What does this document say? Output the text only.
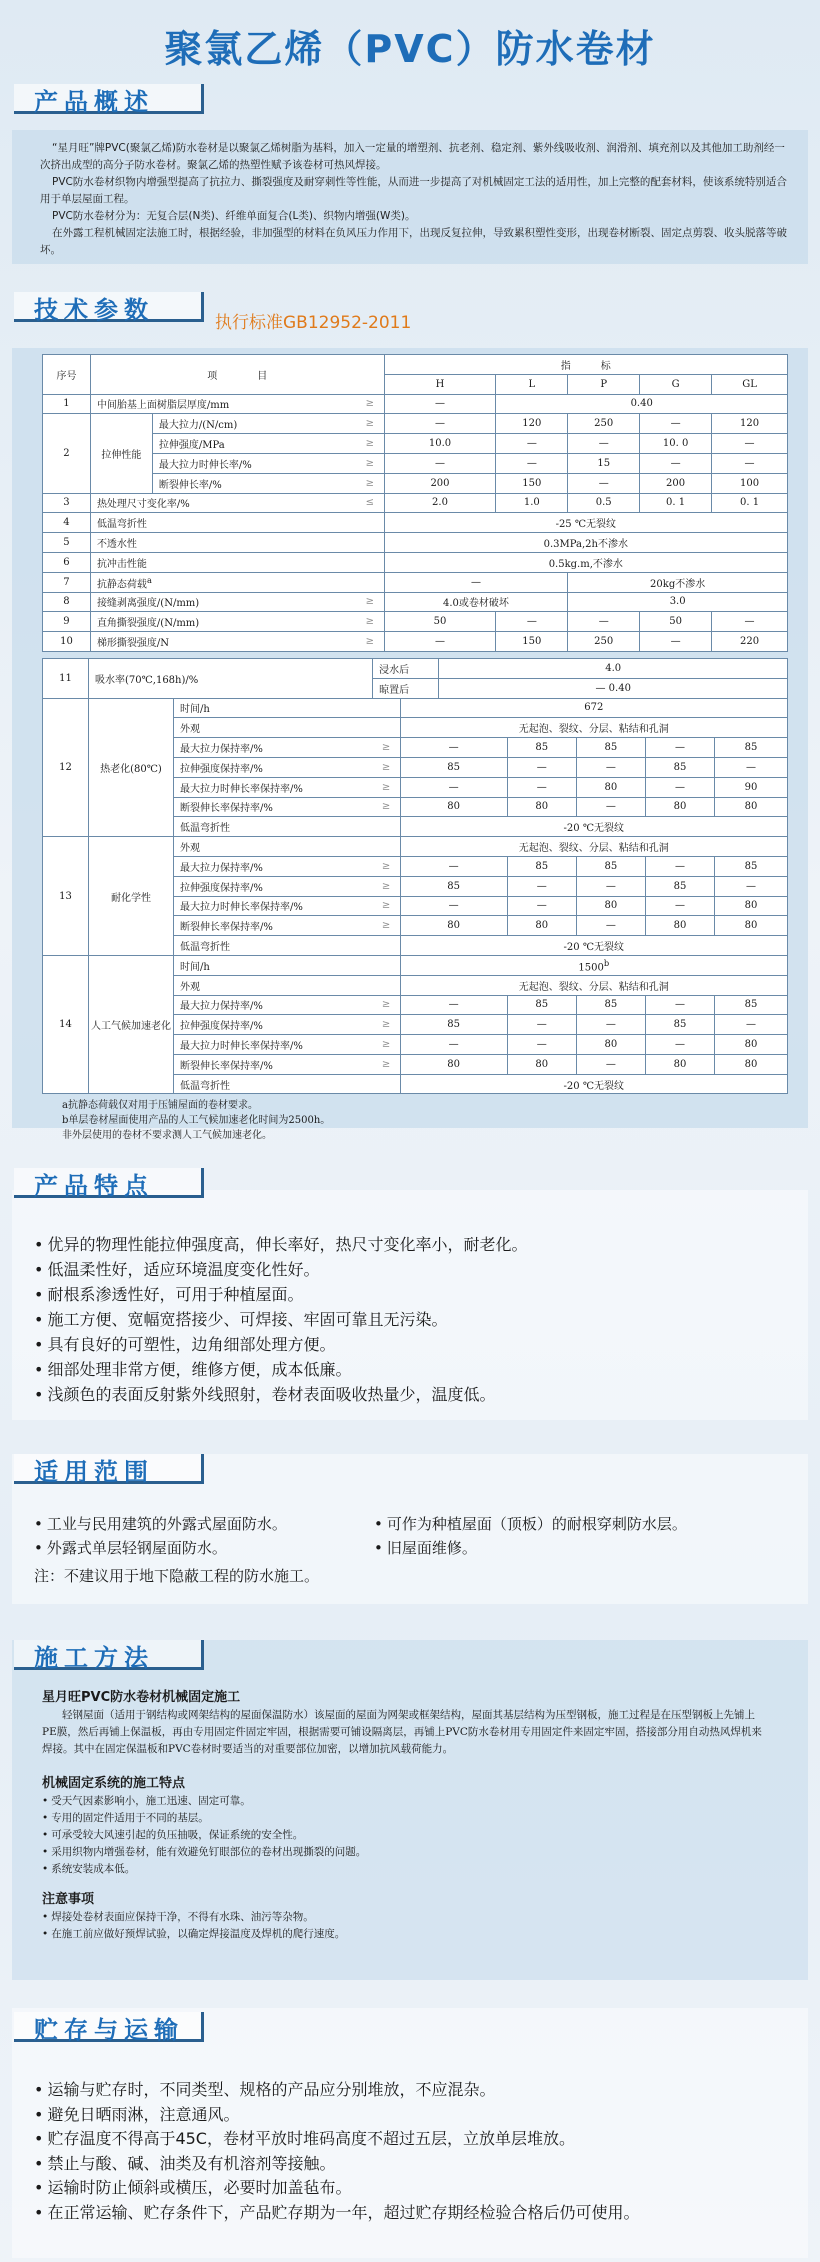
聚氯乙烯（PVC）防水卷材
产品概述

“星月旺”牌PVC(聚氯乙烯)防水卷材是以聚氯乙烯树脂为基料，加入一定量的增塑剂、抗老剂、稳定剂、紫外线吸收剂、润滑剂、填充剂以及其他加工助剂经一次挤出成型的高分子防水卷材。聚氯乙烯的热塑性赋予该卷材可热风焊接。

PVC防水卷材织物内增强型提高了抗拉力、撕裂强度及耐穿刺性等性能，从而进一步提高了对机械固定工法的适用性，加上完整的配套材料，使该系统特别适合用于单层屋面工程。

PVC防水卷材分为：无复合层(N类)、纤维单面复合(L类)、织物内增强(W类)。

在外露工程机械固定法施工时，根据经验，非加强型的材料在负风压力作用下，出现反复拉伸，导致累积塑性变形，出现卷材断裂、固定点剪裂、收头脱落等破坏。

技术参数	执行标准GB12952-2011
序号	项　　　　目			指　　　标				
				H	L	P	G	GL
1	中间胎基上面树脂层厚度/mm		≥	—	0.40			
2	拉伸性能	最大拉力/(N/cm)	≥	—	120	250	—	120
		拉伸强度/MPa	≥	10.0	—	—	10. 0	—
		最大拉力时伸长率/%	≥	—	—	15	—	—
		断裂伸长率/%	≥	200	150	—	200	100
3	热处理尺寸变化率/%		≤	2.0	1.0	0.5	0. 1	0. 1
4	低温弯折性			-25 ℃无裂纹				
5	不透水性			0.3MPa,2h不渗水				
6	抗冲击性能			0.5kg.m,不渗水				
7	抗静态荷载$^a$			—		20kg不渗水		
8	接缝剥离强度/(N/mm)		≥	4.0或卷材破坏		3.0		
9	直角撕裂强度/(N/mm)		≥	50	—	—	50	—
10	梯形撕裂强度/N		≥	—	150	250	—	220
11	吸水率(70℃,168h)/%		浸水后		4.0				
			晾置后		— 0.40				
12	热老化(80℃)	时间/h		672					
		外观		无起泡、裂纹、分层、粘结和孔洞					
		最大拉力保持率/%	≥	—		85	85	—	85
		拉伸强度保持率/%	≥	85		—	—	85	—
		最大拉力时伸长率保持率/%	≥	—		—	80	—	90
		断裂伸长率保持率/%	≥	80		80	—	80	80
		低温弯折性		-20 ℃无裂纹					
13	耐化学性	外观		无起泡、裂纹、分层、粘结和孔洞					
		最大拉力保持率/%	≥	—		85	85	—	85
		拉伸强度保持率/%	≥	85		—	—	85	—
		最大拉力时伸长率保持率/%	≥	—		—	80	—	80
		断裂伸长率保持率/%	≥	80		80	—	80	80
		低温弯折性		-20 ℃无裂纹					
14	人工气候加速老化	时间/h		1500$^b$
		外观		无起泡、裂纹、分层、粘结和孔洞					
		最大拉力保持率/%	≥	—		85	85	—	85
		拉伸强度保持率/%	≥	85		—	—	85	—
		最大拉力时伸长率保持率/%	≥	—		—	80	—	80
		断裂伸长率保持率/%	≥	80		80	—	80	80
		低温弯折性		-20 ℃无裂纹					
a抗静态荷载仅对用于压铺屋面的卷材要求。
b单层卷材屋面使用产品的人工气候加速老化时间为2500h。
非外层使用的卷材不要求测人工气候加速老化。
• 优异的物理性能拉伸强度高，伸长率好，热尺寸变化率小，耐老化。
• 低温柔性好，适应环境温度变化性好。
• 耐根系渗透性好，可用于种植屋面。
• 施工方便、宽幅宽搭接少、可焊接、牢固可靠且无污染。
• 具有良好的可塑性，边角细部处理方便。
• 细部处理非常方便，维修方便，成本低廉。
• 浅颜色的表面反射紫外线照射，卷材表面吸收热量少，温度低。
产品特点
• 工业与民用建筑的外露式屋面防水。	• 可作为种植屋面（顶板）的耐根穿刺防水层。
• 外露式单层轻钢屋面防水。	• 旧屋面维修。
注：不建议用于地下隐蔽工程的防水施工。
适用范围
星月旺PVC防水卷材机械固定施工
轻钢屋面（适用于钢结构或网架结构的屋面保温防水）该屋面的屋面为网架或框架结构，屋面其基层结构为压型钢板，施工过程是在压型钢板上先铺上PE膜，然后再铺上保温板，再由专用固定件固定牢固，根据需要可铺设隔离层，再铺上PVC防水卷材用专用固定件来固定牢固，搭接部分用自动热风焊机来焊接。其中在固定保温板和PVC卷材时要适当的对重要部位加密，以增加抗风载荷能力。
机械固定系统的施工特点
• 受天气因素影响小，施工迅速、固定可靠。
• 专用的固定件适用于不同的基层。
• 可承受较大风速引起的负压抽吸，保证系统的安全性。
• 采用织物内增强卷材，能有效避免钉眼部位的卷材出现撕裂的问题。
• 系统安装成本低。
注意事项
• 焊接处卷材表面应保持干净，不得有水珠、油污等杂物。
• 在施工前应做好预焊试验，以确定焊接温度及焊机的爬行速度。
施工方法
• 运输与贮存时，不同类型、规格的产品应分别堆放，不应混杂。
• 避免日晒雨淋，注意通风。
• 贮存温度不得高于45C，卷材平放时堆码高度不超过五层，立放单层堆放。
• 禁止与酸、碱、油类及有机溶剂等接触。
• 运输时防止倾斜或横压，必要时加盖毡布。
• 在正常运输、贮存条件下，产品贮存期为一年，超过贮存期经检验合格后仍可使用。
贮存与运输
